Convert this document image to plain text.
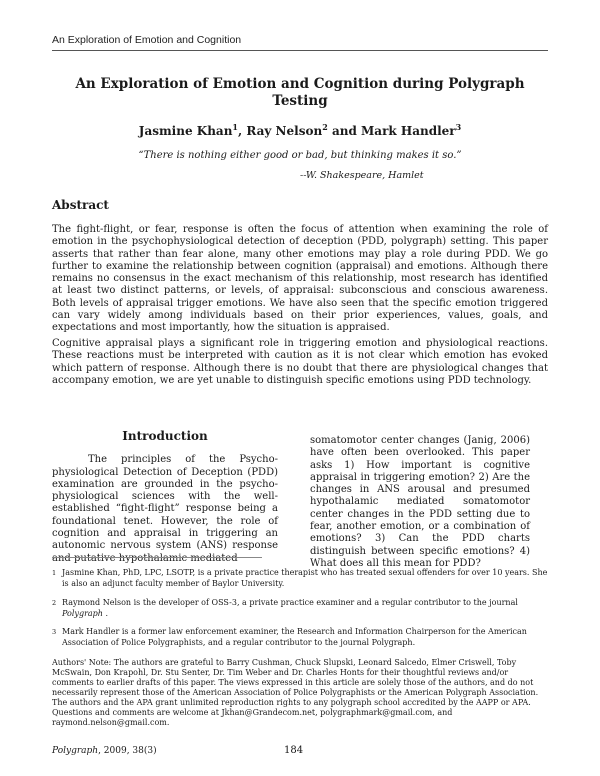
An Exploration of Emotion and Cognition
An Exploration of Emotion and Cognition during Polygraph
Testing
Jasmine Khan$^1$, Ray Nelson$^2$ and Mark Handler$^3$
“There is nothing either good or bad, but thinking makes it so.”
--W. Shakespeare, Hamlet
Abstract
The fight-flight, or fear, response is often the focus of attention when examining the role of emotion in the psychophysiological detection of deception (PDD, polygraph) setting. This paper asserts that rather than fear alone, many other emotions may play a role during PDD. We go further to examine the relationship between cognition (appraisal) and emotions. Although there remains no consensus in the exact mechanism of this relationship, most research has identified at least two distinct patterns, or levels, of appraisal: subconscious and conscious awareness. Both levels of appraisal trigger emotions. We have also seen that the specific emotion triggered can vary widely among individuals based on their prior experiences, values, goals, and expectations and most importantly, how the situation is appraised.
Cognitive appraisal plays a significant role in triggering emotion and physiological reactions. These reactions must be interpreted with caution as it is not clear which emotion has evoked which pattern of response. Although there is no doubt that there are physiological changes that accompany emotion, we are yet unable to distinguish specific emotions using PDD technology.
Introduction

The principles of the Psycho-physiological Detection of Deception (PDD) examination are grounded in the psycho-physiological sciences with the well-established “fight-flight” response being a foundational tenet. However, the role of cognition and appraisal in triggering an autonomic nervous system (ANS) response and putative hypothalamic mediated

somatomotor center changes (Janig, 2006) have often been overlooked. This paper asks 1) How important is cognitive appraisal in triggering emotion? 2) Are the changes in ANS arousal and presumed hypothalamic mediated somatomotor center changes in the PDD setting due to fear, another emotion, or a combination of emotions? 3) Can the PDD charts distinguish between specific emotions? 4) What does all this mean for PDD?

1 Jasmine Khan, PhD, LPC, LSOTP, is a private practice therapist who has treated sexual offenders for over 10 years. She is also an adjunct faculty member of Baylor University.
2 Raymond Nelson is the developer of OSS-3, a private practice examiner and a regular contributor to the journal Polygraph .
3 Mark Handler is a former law enforcement examiner, the Research and Information Chairperson for the American Association of Police Polygraphists, and a regular contributor to the journal Polygraph.
Authors' Note: The authors are grateful to Barry Cushman, Chuck Slupski, Leonard Salcedo, Elmer Criswell, Toby McSwain, Don Krapohl, Dr. Stu Senter, Dr. Tim Weber and Dr. Charles Honts for their thoughtful reviews and/or comments to earlier drafts of this paper. The views expressed in this article are solely those of the authors, and do not necessarily represent those of the American Association of Police Polygraphists or the American Polygraph Association. The authors and the APA grant unlimited reproduction rights to any polygraph school accredited by the AAPP or APA. Questions and comments are welcome at Jkhan@Grandecom.net, polygraphmark@gmail.com, and raymond.nelson@gmail.com.
Polygraph, 2009, 38(3)	184
